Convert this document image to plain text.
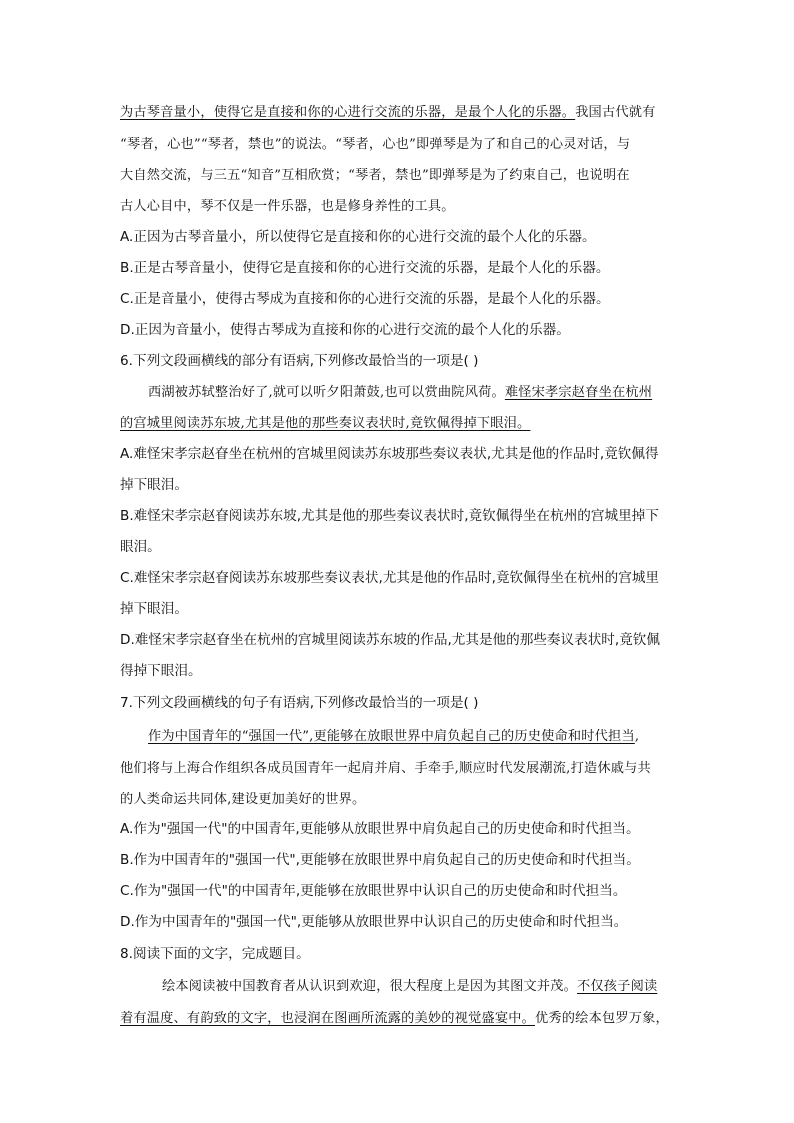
为古琴音量小，使得它是直接和你的心进行交流的乐器，是最个人化的乐器。我国古代就有
“琴者，心也”“琴者，禁也”的说法。“琴者，心也”即弹琴是为了和自己的心灵对话，与
大自然交流，与三五“知音”互相欣赏；“琴者，禁也”即弹琴是为了约束自己，也说明在
古人心目中，琴不仅是一件乐器，也是修身养性的工具。
A.正因为古琴音量小，所以使得它是直接和你的心进行交流的最个人化的乐器。
B.正是古琴音量小，使得它是直接和你的心进行交流的乐器，是最个人化的乐器。
C.正是音量小，使得古琴成为直接和你的心进行交流的乐器，是最个人化的乐器。
D.正因为音量小，使得古琴成为直接和你的心进行交流的最个人化的乐器。
6.下列文段画横线的部分有语病,下列修改最恰当的一项是( )
西湖被苏轼整治好了,就可以听夕阳萧鼓,也可以赏曲院风荷。难怪宋孝宗赵眘坐在杭州
的宫城里阅读苏东坡,尤其是他的那些奏议表状时,竟钦佩得掉下眼泪。
A.难怪宋孝宗赵眘坐在杭州的宫城里阅读苏东坡那些奏议表状,尤其是他的作品时,竟钦佩得
掉下眼泪。
B.难怪宋孝宗赵眘阅读苏东坡,尤其是他的那些奏议表状时,竟钦佩得坐在杭州的宫城里掉下
眼泪。
C.难怪宋孝宗赵眘阅读苏东坡那些奏议表状,尤其是他的作品时,竟钦佩得坐在杭州的宫城里
掉下眼泪。
D.难怪宋孝宗赵眘坐在杭州的宫城里阅读苏东坡的作品,尤其是他的那些奏议表状时,竟钦佩
得掉下眼泪。
7.下列文段画横线的句子有语病,下列修改最恰当的一项是( )
作为中国青年的“强国一代”,更能够在放眼世界中肩负起自己的历史使命和时代担当,
他们将与上海合作组织各成员国青年一起肩并肩、手牵手,顺应时代发展潮流,打造休戚与共
的人类命运共同体,建设更加美好的世界。
A.作为"强国一代"的中国青年,更能够从放眼世界中肩负起自己的历史使命和时代担当。
B.作为中国青年的"强国一代",更能够在放眼世界中肩负起自己的历史使命和时代担当。
C.作为"强国一代"的中国青年,更能够在放眼世界中认识自己的历史使命和时代担当。
D.作为中国青年的"强国一代",更能够从放眼世界中认识自己的历史使命和时代担当。
8.阅读下面的文字，完成题目。
绘本阅读被中国教育者从认识到欢迎，很大程度上是因为其图文并茂。不仅孩子阅读
着有温度、有韵致的文字，也浸润在图画所流露的美妙的视觉盛宴中。优秀的绘本包罗万象，
